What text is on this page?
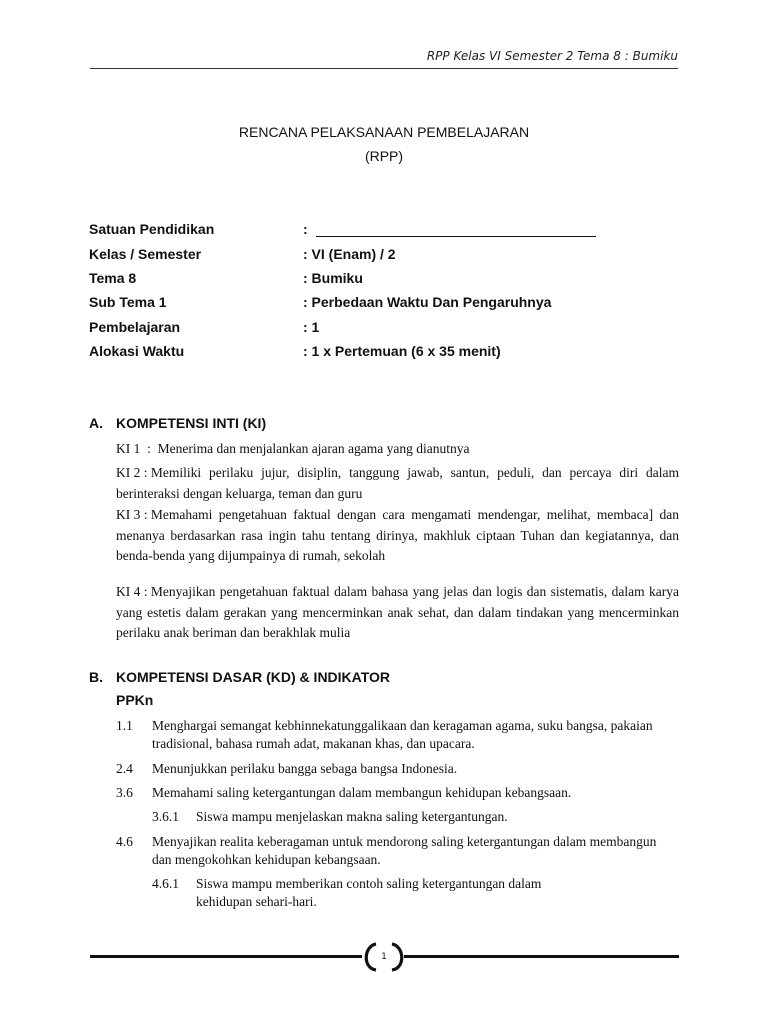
RPP Kelas VI Semester 2 Tema 8 : Bumiku
RENCANA PELAKSANAAN PEMBELAJARAN
(RPP)
Satuan Pendidikan	:
Kelas / Semester	: VI (Enam) / 2
Tema 8	: Bumiku
Sub Tema 1	: Perbedaan Waktu Dan Pengaruhnya
Pembelajaran	: 1
Alokasi Waktu	: 1 x Pertemuan (6 x 35 menit)
A. KOMPETENSI INTI (KI)
KI 1  : Menerima dan menjalankan ajaran agama yang dianutnya
KI 2 : Memiliki perilaku jujur, disiplin, tanggung jawab, santun, peduli, dan percaya diri dalam berinteraksi dengan keluarga, teman dan guru
KI 3 : Memahami pengetahuan faktual dengan cara mengamati mendengar, melihat, membaca] dan menanya berdasarkan rasa ingin tahu tentang dirinya, makhluk ciptaan Tuhan dan kegiatannya, dan benda-benda yang dijumpainya di rumah, sekolah
KI 4 : Menyajikan pengetahuan faktual dalam bahasa yang jelas dan logis dan sistematis, dalam karya yang estetis dalam gerakan yang mencerminkan anak sehat, dan dalam tindakan yang mencerminkan perilaku anak beriman dan berakhlak mulia
B. KOMPETENSI DASAR (KD) & INDIKATOR
PPKn
1.1 Menghargai semangat kebhinnekatunggalikaan dan keragaman agama, suku bangsa, pakaian tradisional, bahasa rumah adat, makanan khas, dan upacara.
2.4 Menunjukkan perilaku bangga sebaga bangsa Indonesia.
3.6 Memahami saling ketergantungan dalam membangun kehidupan kebangsaan.
3.6.1 Siswa mampu menjelaskan makna saling ketergantungan.
4.6 Menyajikan realita keberagaman untuk mendorong saling ketergantungan dalam membangun dan mengokohkan kehidupan kebangsaan.
4.6.1 Siswa mampu memberikan contoh saling ketergantungan dalam kehidupan sehari-hari.
1
